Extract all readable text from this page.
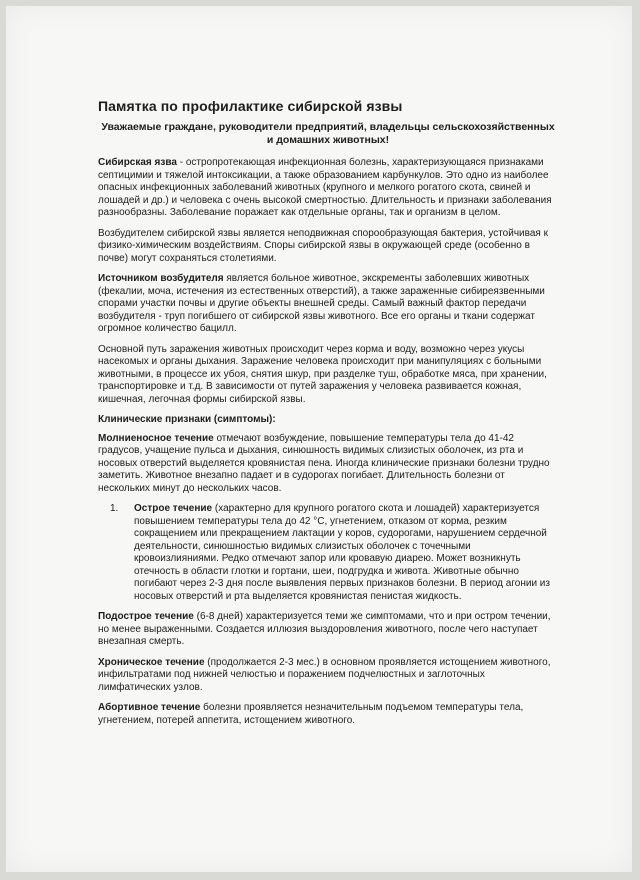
Памятка по профилактике сибирской язвы
Уважаемые граждане, руководители предприятий, владельцы сельскохозяйственных и домашних животных!

Сибирская язва - остропротекающая инфекционная болезнь, характеризующаяся признаками септицимии и тяжелой интоксикации, а также образованием карбункулов. Это одно из наиболее опасных инфекционных заболеваний животных (крупного и мелкого рогатого скота, свиней и лошадей и др.) и человека с очень высокой смертностью. Длительность и признаки заболевания разнообразны. Заболевание поражает как отдельные органы, так и организм в целом.

Возбудителем сибирской язвы является неподвижная спорообразующая бактерия, устойчивая к физико-химическим воздействиям. Споры сибирской язвы в окружающей среде (особенно в почве) могут сохраняться столетиями.

Источником возбудителя является больное животное, экскременты заболевших животных (фекалии, моча, истечения из естественных отверстий), а также зараженные сибиреязвенными спорами участки почвы и другие объекты внешней среды. Самый важный фактор передачи возбудителя - труп погибшего от сибирской язвы животного. Все его органы и ткани содержат огромное количество бацилл.

Основной путь заражения животных происходит через корма и воду, возможно через укусы насекомых и органы дыхания. Заражение человека происходит при манипуляциях с больными животными, в процессе их убоя, снятия шкур, при разделке туш, обработке мяса, при хранении, транспортировке и т.д. В зависимости от путей заражения у человека развивается кожная, кишечная, легочная формы сибирской язвы.

Клинические признаки (симптомы):

Молниеносное течение отмечают возбуждение, повышение температуры тела до 41-42 градусов, учащение пульса и дыхания, синюшность видимых слизистых оболочек, из рта и носовых отверстий выделяется кровянистая пена. Иногда клинические признаки болезни трудно заметить. Животное внезапно падает и в судорогах погибает. Длительность болезни от нескольких минут до нескольких часов.

1.	Острое течение (характерно для крупного рогатого скота и лошадей) характеризуется повышением температуры тела до 42 °С, угнетением, отказом от корма, резким сокращением или прекращением лактации у коров, судорогами, нарушением сердечной деятельности, синюшностью видимых слизистых оболочек с точечными кровоизлияниями. Редко отмечают запор или кровавую диарею. Может возникнуть отечность в области глотки и гортани, шеи, подгрудка и живота. Животные обычно погибают через 2-3 дня после выявления первых признаков болезни. В период агонии из носовых отверстий и рта выделяется кровянистая пенистая жидкость.

Подострое течение (6-8 дней) характеризуется теми же симптомами, что и при остром течении, но менее выраженными. Создается иллюзия выздоровления животного, после чего наступает внезапная смерть.

Хроническое течение (продолжается 2-3 мес.) в основном проявляется истощением животного, инфильтратами под нижней челюстью и поражением подчелюстных и заглоточных лимфатических узлов.

Абортивное течение болезни проявляется незначительным подъемом температуры тела, угнетением, потерей аппетита, истощением животного.
